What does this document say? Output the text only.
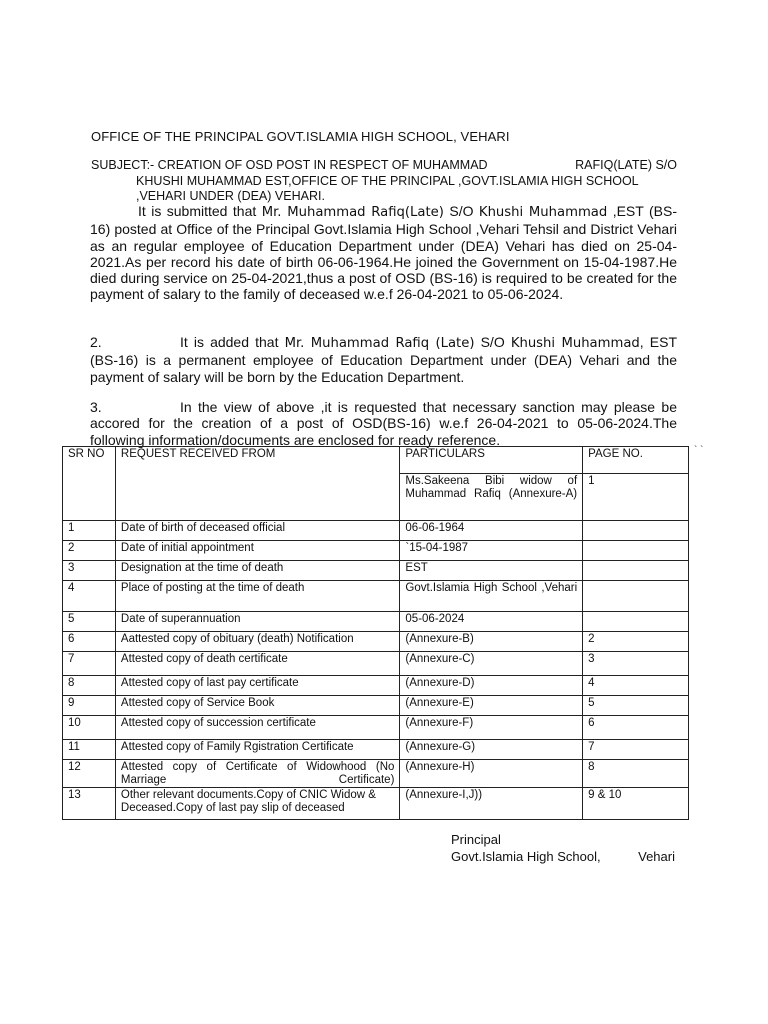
OFFICE OF THE PRINCIPAL GOVT.ISLAMIA HIGH SCHOOL, VEHARI
SUBJECT:- CREATION OF OSD POST IN RESPECT OF MUHAMMAD	RAFIQ(LATE) S/O
KHUSHI MUHAMMAD EST,OFFICE OF THE PRINCIPAL ,GOVT.ISLAMIA HIGH SCHOOL
,VEHARI UNDER (DEA) VEHARI.
It is submitted that Mr. Muhammad Rafiq(Late) S/O Khushi Muhammad ,EST (BS-16) posted at Office of the Principal Govt.Islamia High School ,Vehari Tehsil and District Vehari as an regular employee of Education Department under (DEA) Vehari has died on 25-04-2021.As per record his date of birth 06-06-1964.He joined the Government on 15-04-1987.He died during service on 25-04-2021,thus a post of OSD (BS-16) is required to be created for the payment of salary to the family of deceased w.e.f 26-04-2021 to 05-06-2024.
2.	It is added that Mr. Muhammad Rafiq (Late) S/O Khushi Muhammad, EST (BS-16) is a permanent employee of Education Department under (DEA) Vehari and the payment of salary will be born by the Education Department.
3.	In the view of above ,it is requested that necessary sanction may please be accored for the creation of a post of OSD(BS-16) w.e.f 26-04-2021 to 05-06-2024.The following information/documents are enclosed for ready reference.
` `
SR NO	REQUEST RECEIVED FROM	PARTICULARS	PAGE NO.
		Ms.Sakeena Bibi widow of Muhammad Rafiq (Annexure-A)	1
1	Date of birth of deceased official	06-06-1964	
2	Date of initial appointment	`15-04-1987	
3	Designation at the time of death	EST	
4	Place of posting at the time of death	Govt.Islamia High School ,Vehari	
5	Date of superannuation	05-06-2024	
6	Aattested copy of obituary (death) Notification	(Annexure-B)	2
7	Attested copy of death certificate	(Annexure-C)	3
8	Attested copy of last pay certificate	(Annexure-D)	4
9	Attested copy of Service Book	(Annexure-E)	5
10	Attested copy of succession certificate	(Annexure-F)	6
11	Attested copy of Family Rgistration Certificate	(Annexure-G)	7
12	Attested copy of Certificate of Widowhood (No Marriage Certificate)	(Annexure-H)	8
13	Other relevant documents.Copy of CNIC Widow & Deceased.Copy of last pay slip of deceased	(Annexure-I,J))	9 & 10
Principal
Govt.Islamia High School,	Vehari
